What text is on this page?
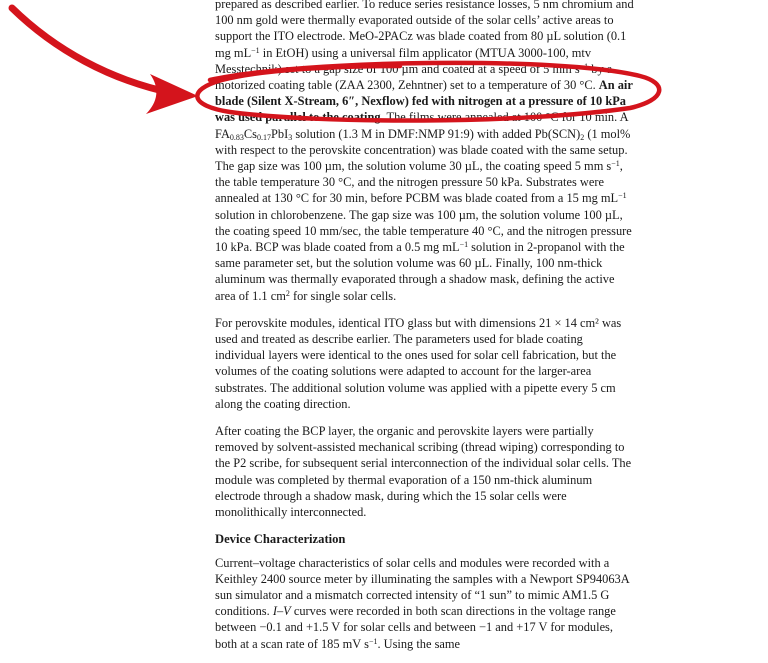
prepared as described earlier. To reduce series resistance losses, 5 nm chromium and 100 nm gold were thermally evaporated outside of the solar cells’ active areas to support the ITO electrode. MeO-2PACz was blade coated from 80 µL solution (0.1 mg $mL^{-1}$ in EtOH) using a universal film applicator (MTUA 3000-100, mtv Messtechnik) set to a gap size of 100 µm and coated at a speed of 5 mm $s^{-1}$ by a motorized coating table (ZAA 2300, Zehntner) set to a temperature of 30 °C. An air blade (Silent X-Stream, 6″, Nexflow) fed with nitrogen at a pressure of 10 kPa was used parallel to the coating. The films were annealed at 100 °C for 10 min. A $FA_{0.83}Cs_{0.17}PbI_3$ solution (1.3 M in DMF:NMP 91:9) with added $Pb(SCN)_2$ (1 mol% with respect to the perovskite concentration) was blade coated with the same setup. The gap size was 100 µm, the solution volume 30 µL, the coating speed 5 mm $s^{-1}$, the table temperature 30 °C, and the nitrogen pressure 50 kPa. Substrates were annealed at 130 °C for 30 min, before PCBM was blade coated from a 15 mg $mL^{-1}$ solution in chlorobenzene. The gap size was 100 µm, the solution volume 100 µL, the coating speed 10 mm/sec, the table temperature 40 °C, and the nitrogen pressure 10 kPa. BCP was blade coated from a 0.5 mg $mL^{-1}$ solution in 2-propanol with the same parameter set, but the solution volume was 60 µL. Finally, 100 nm-thick aluminum was thermally evaporated through a shadow mask, defining the active area of 1.1 $cm^2$ for single solar cells.

For perovskite modules, identical ITO glass but with dimensions 21 × 14 cm² was used and treated as describe earlier. The parameters used for blade coating individual layers were identical to the ones used for solar cell fabrication, but the volumes of the coating solutions were adapted to account for the larger-area substrates. The additional solution volume was applied with a pipette every 5 cm along the coating direction.

After coating the BCP layer, the organic and perovskite layers were partially removed by solvent-assisted mechanical scribing (thread wiping) corresponding to the P2 scribe, for subsequent serial interconnection of the individual solar cells. The module was completed by thermal evaporation of a 150 nm-thick aluminum electrode through a shadow mask, during which the 15 solar cells were monolithically interconnected.

Device Characterization

Current–voltage characteristics of solar cells and modules were recorded with a Keithley 2400 source meter by illuminating the samples with a Newport SP94063A sun simulator and a mismatch corrected intensity of “1 sun” to mimic AM1.5 G conditions. I–V curves were recorded in both scan directions in the voltage range between −0.1 and +1.5 V for solar cells and between −1 and +17 V for modules, both at a scan rate of 185 mV $s^{-1}$. Using the same
